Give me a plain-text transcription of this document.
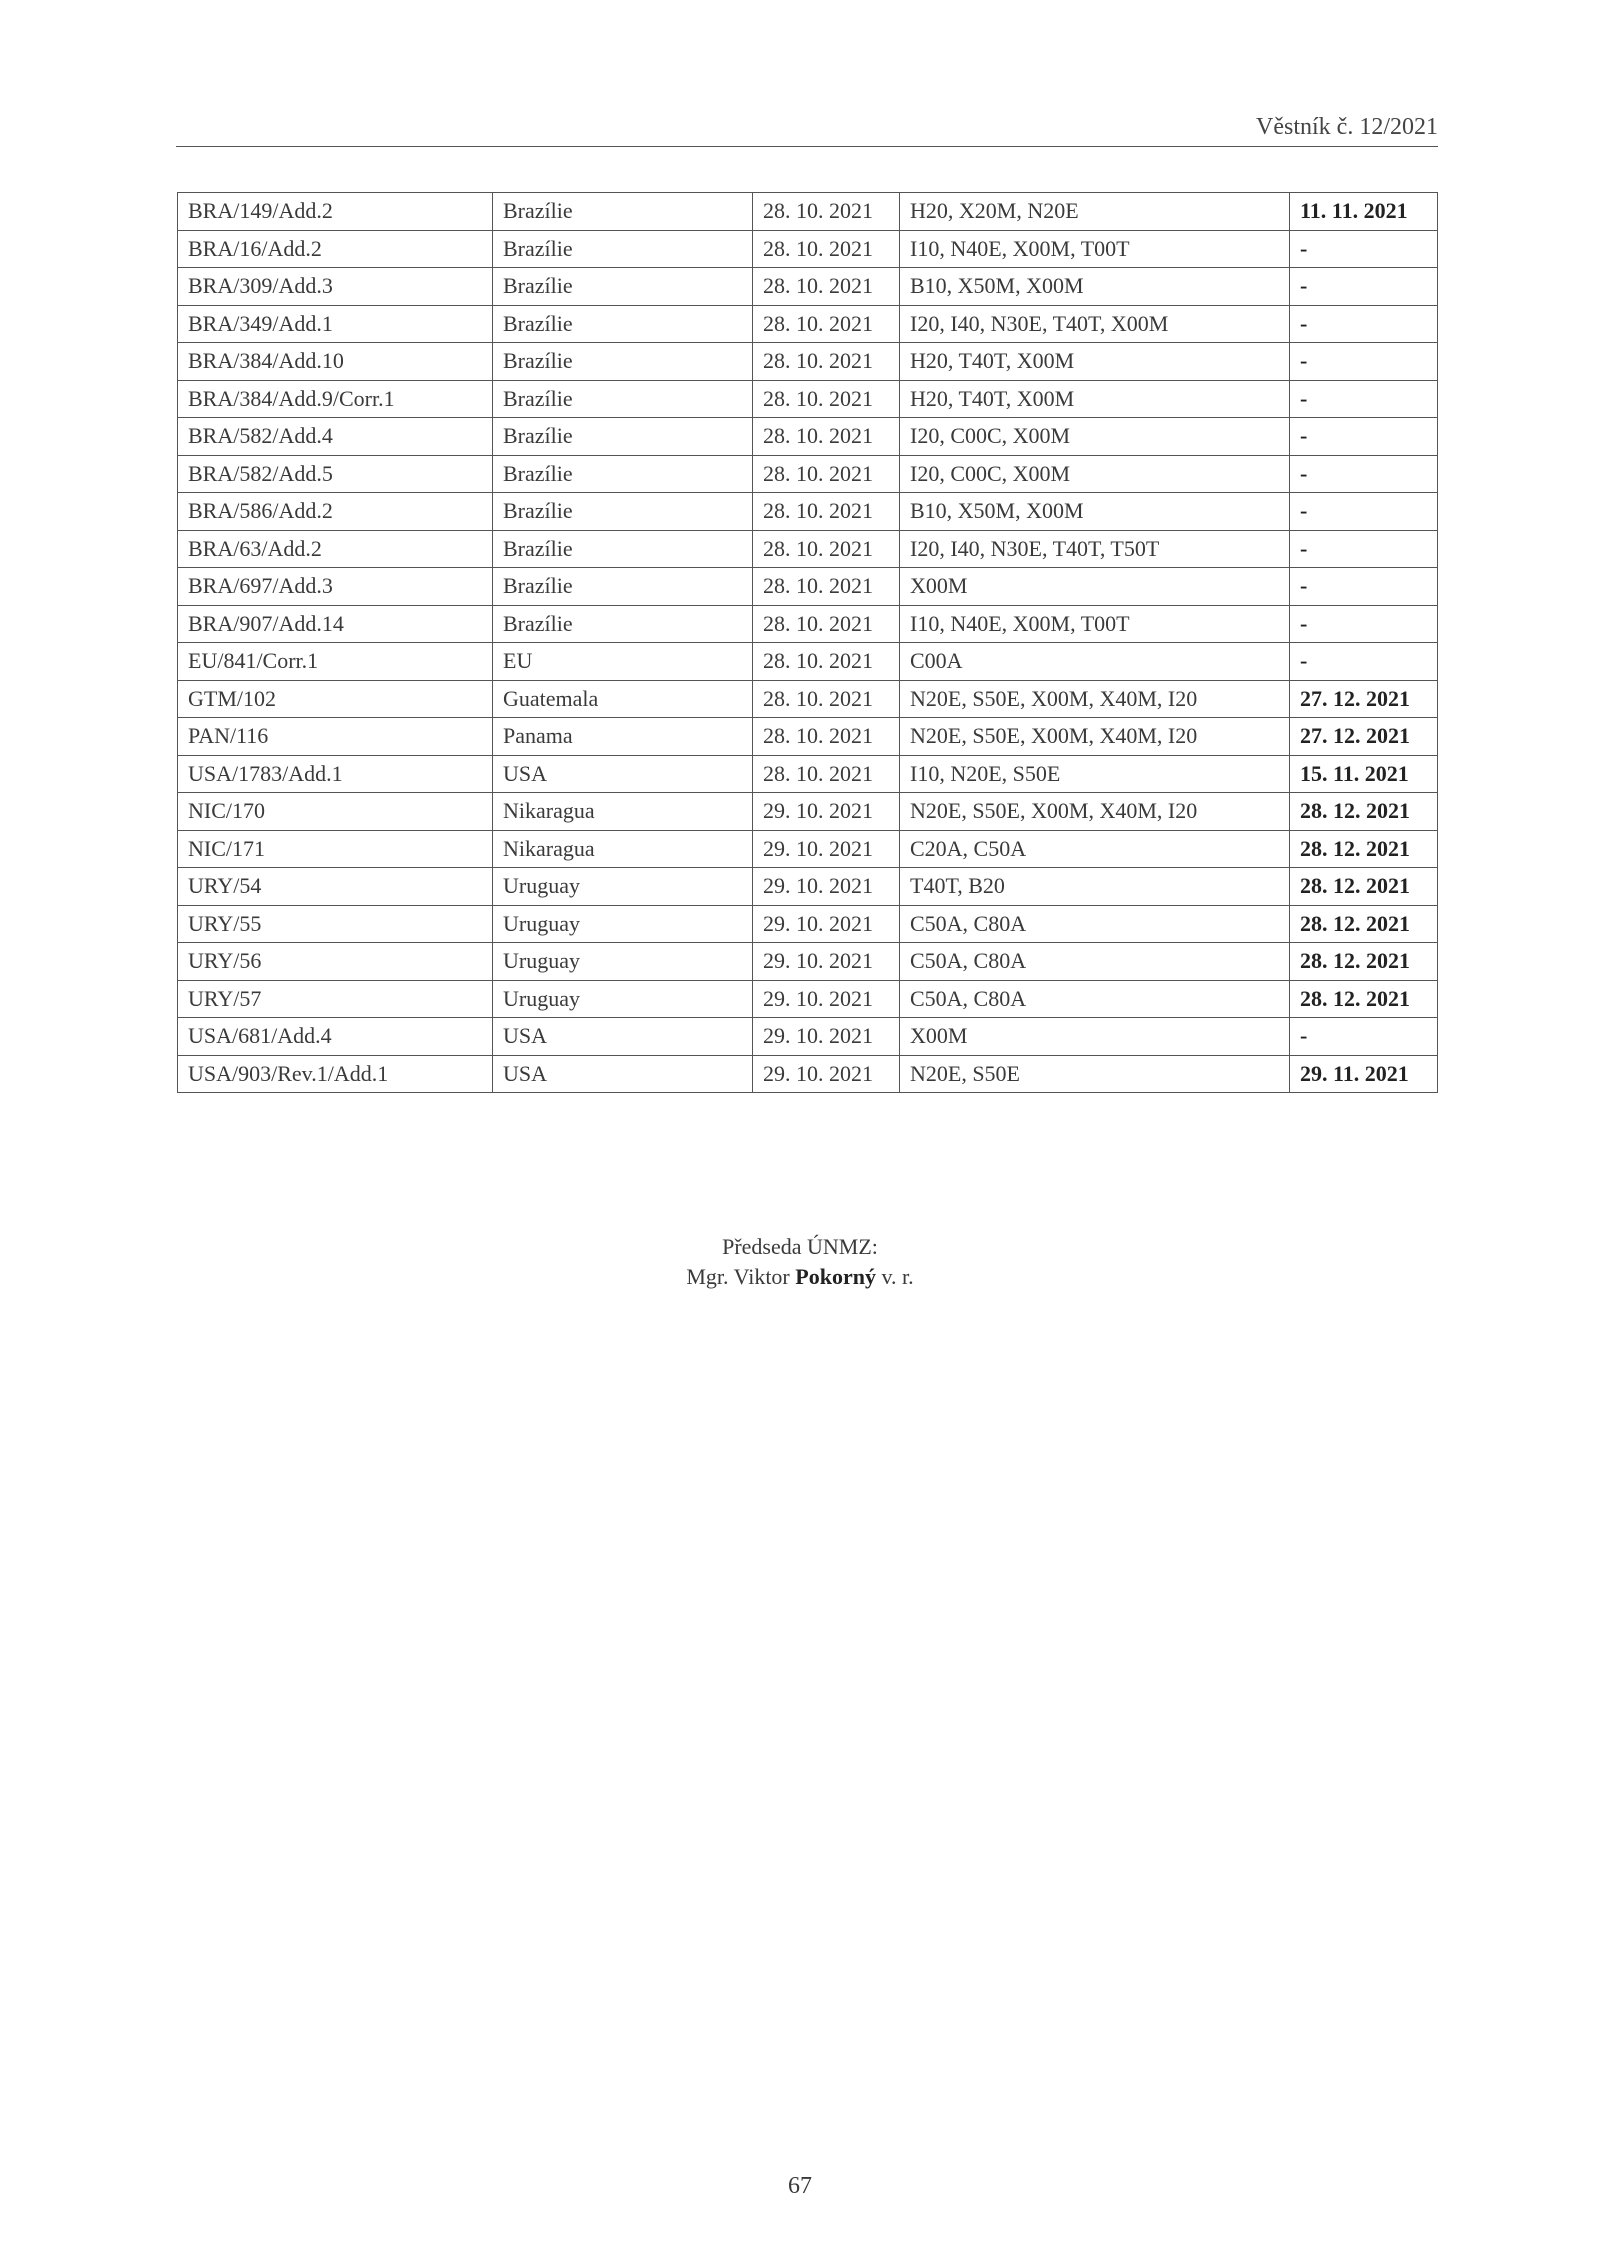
Věstník č. 12/2021
BRA/149/Add.2	Brazílie	28. 10. 2021	H20, X20M, N20E	11. 11. 2021
BRA/16/Add.2	Brazílie	28. 10. 2021	I10, N40E, X00M, T00T	-
BRA/309/Add.3	Brazílie	28. 10. 2021	B10, X50M, X00M	-
BRA/349/Add.1	Brazílie	28. 10. 2021	I20, I40, N30E, T40T, X00M	-
BRA/384/Add.10	Brazílie	28. 10. 2021	H20, T40T, X00M	-
BRA/384/Add.9/Corr.1	Brazílie	28. 10. 2021	H20, T40T, X00M	-
BRA/582/Add.4	Brazílie	28. 10. 2021	I20, C00C, X00M	-
BRA/582/Add.5	Brazílie	28. 10. 2021	I20, C00C, X00M	-
BRA/586/Add.2	Brazílie	28. 10. 2021	B10, X50M, X00M	-
BRA/63/Add.2	Brazílie	28. 10. 2021	I20, I40, N30E, T40T, T50T	-
BRA/697/Add.3	Brazílie	28. 10. 2021	X00M	-
BRA/907/Add.14	Brazílie	28. 10. 2021	I10, N40E, X00M, T00T	-
EU/841/Corr.1	EU	28. 10. 2021	C00A	-
GTM/102	Guatemala	28. 10. 2021	N20E, S50E, X00M, X40M, I20	27. 12. 2021
PAN/116	Panama	28. 10. 2021	N20E, S50E, X00M, X40M, I20	27. 12. 2021
USA/1783/Add.1	USA	28. 10. 2021	I10, N20E, S50E	15. 11. 2021
NIC/170	Nikaragua	29. 10. 2021	N20E, S50E, X00M, X40M, I20	28. 12. 2021
NIC/171	Nikaragua	29. 10. 2021	C20A, C50A	28. 12. 2021
URY/54	Uruguay	29. 10. 2021	T40T, B20	28. 12. 2021
URY/55	Uruguay	29. 10. 2021	C50A, C80A	28. 12. 2021
URY/56	Uruguay	29. 10. 2021	C50A, C80A	28. 12. 2021
URY/57	Uruguay	29. 10. 2021	C50A, C80A	28. 12. 2021
USA/681/Add.4	USA	29. 10. 2021	X00M	-
USA/903/Rev.1/Add.1	USA	29. 10. 2021	N20E, S50E	29. 11. 2021
Předseda ÚNMZ:
Mgr. Viktor Pokorný v. r.
67
